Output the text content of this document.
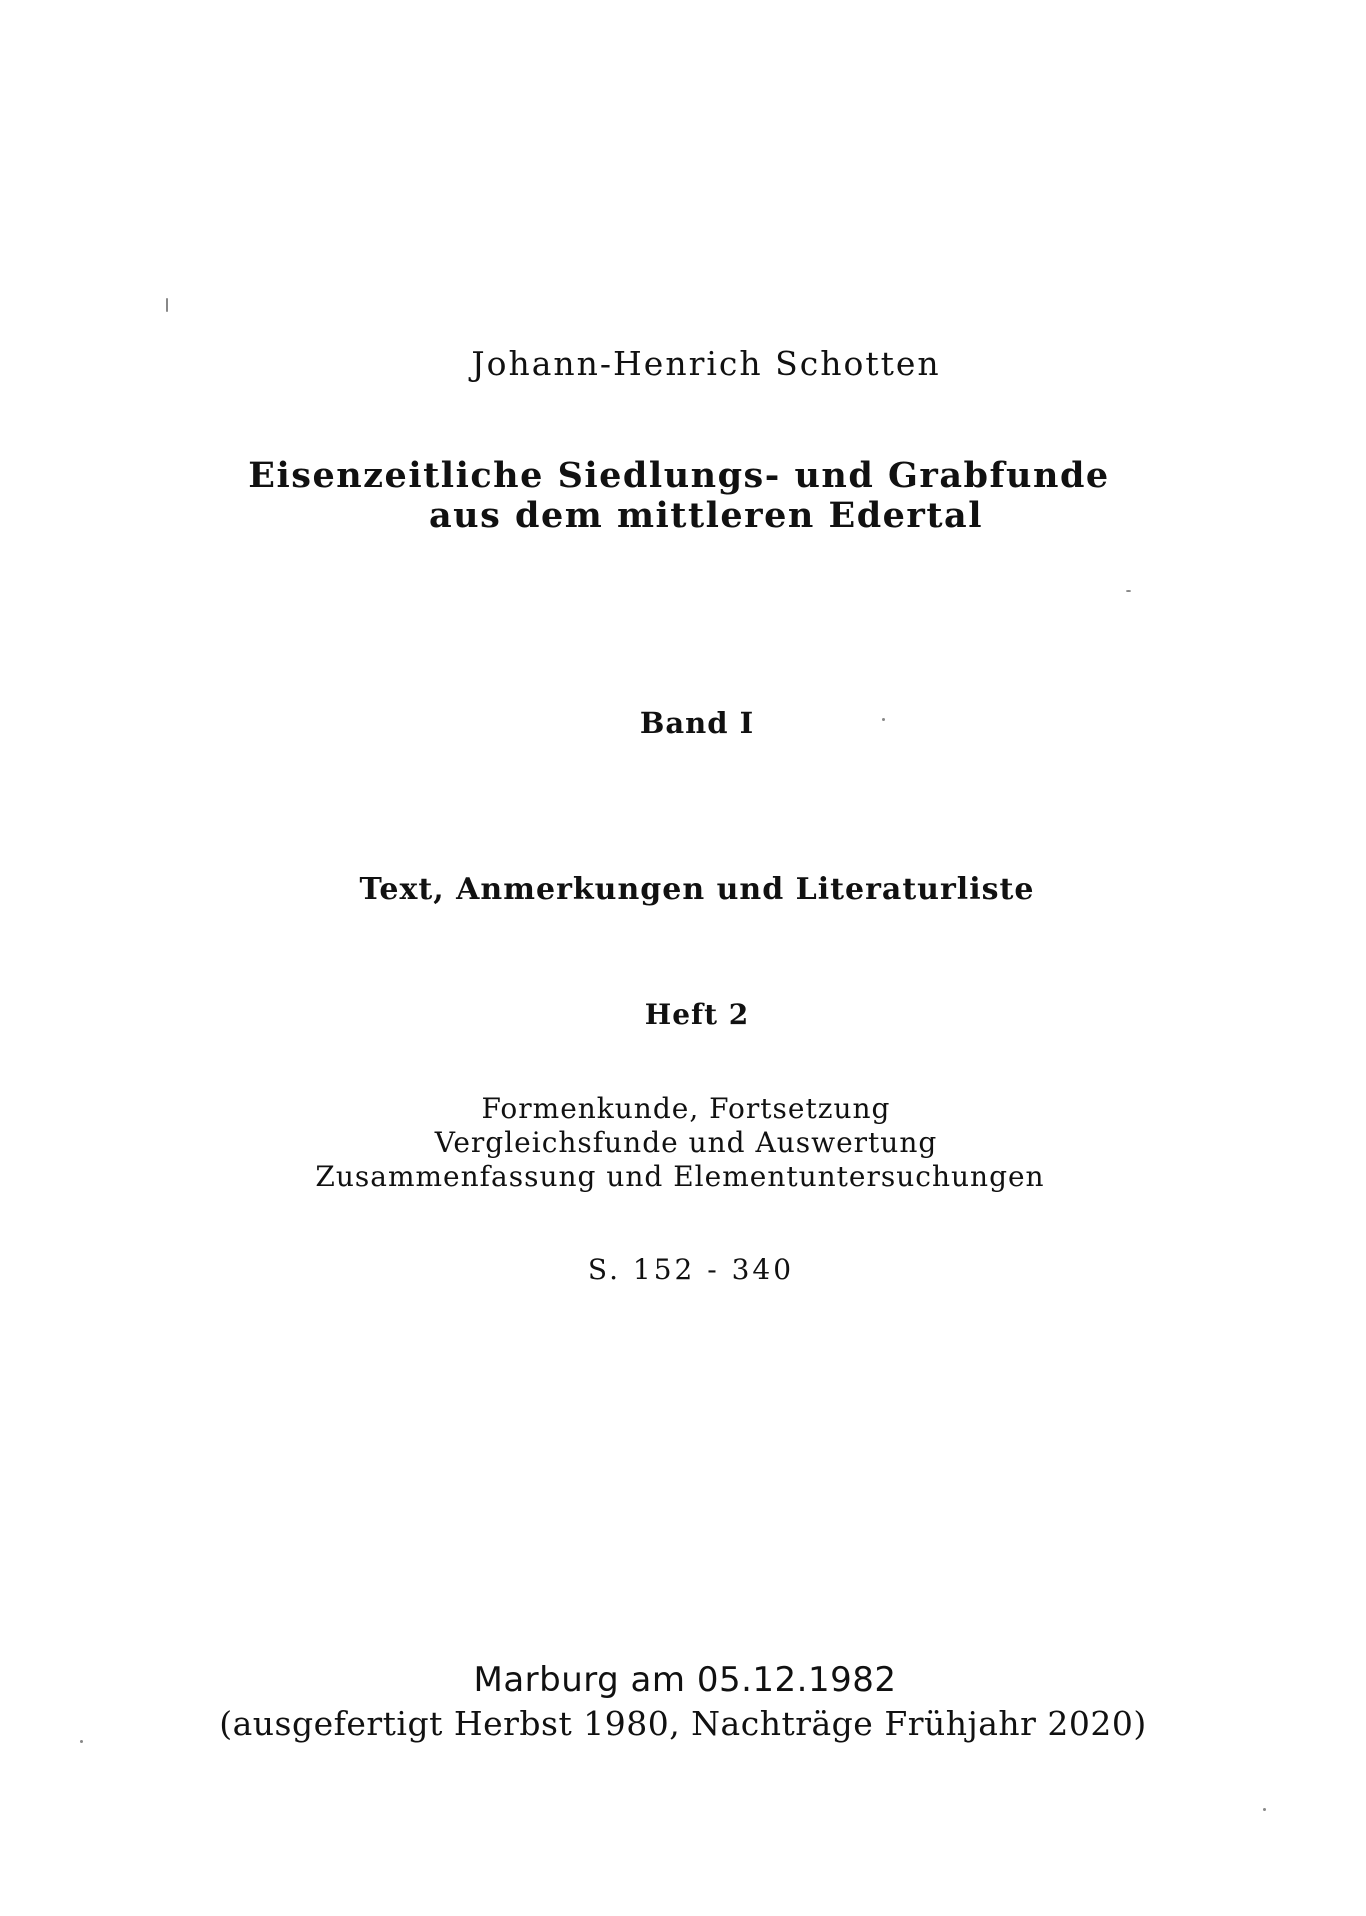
Johann-Henrich Schotten
Eisenzeitliche Siedlungs- und Grabfunde
aus dem mittleren Edertal
Band I
Text, Anmerkungen und Literaturliste
Heft 2
Formenkunde, Fortsetzung
Vergleichsfunde und Auswertung
Zusammenfassung und Elementuntersuchungen
S. 152 - 340
Marburg am 05.12.1982
(ausgefertigt Herbst 1980, Nachträge Frühjahr 2020)
